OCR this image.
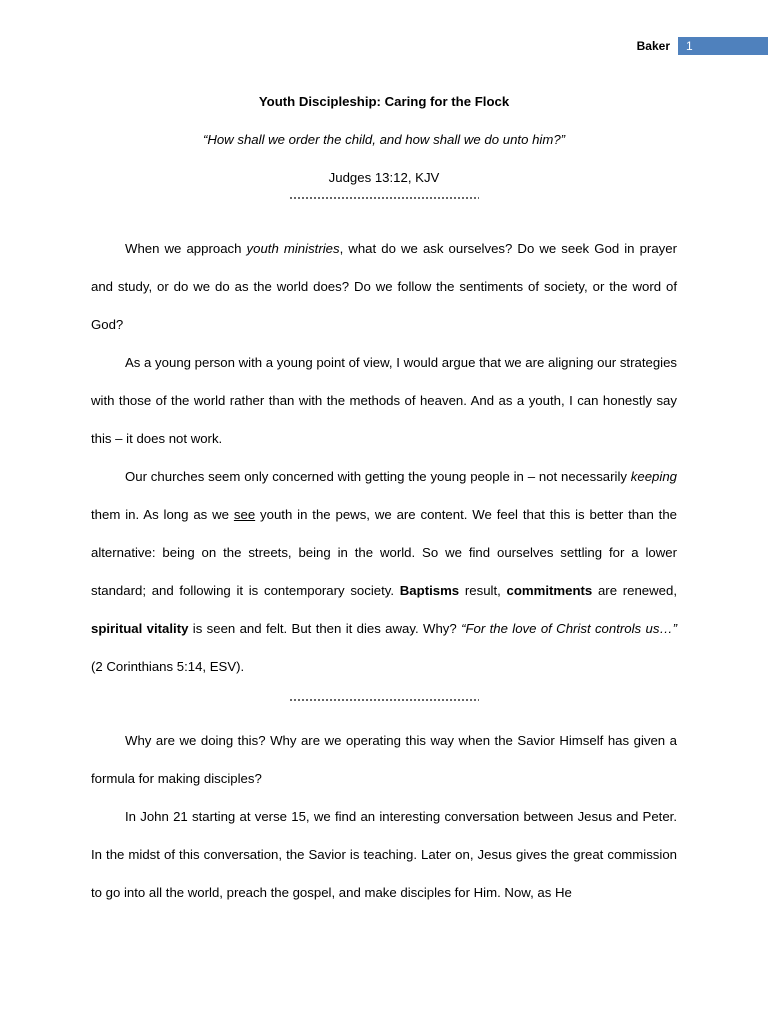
Baker	1
Youth Discipleship: Caring for the Flock
“How shall we order the child, and how shall we do unto him?”
Judges 13:12, KJV

When we approach youth ministries, what do we ask ourselves? Do we seek God in prayer and study, or do we do as the world does? Do we follow the sentiments of society, or the word of God?

As a young person with a young point of view, I would argue that we are aligning our strategies with those of the world rather than with the methods of heaven. And as a youth, I can honestly say this – it does not work.

Our churches seem only concerned with getting the young people in – not necessarily keeping them in. As long as we see youth in the pews, we are content. We feel that this is better than the alternative: being on the streets, being in the world. So we find ourselves settling for a lower standard; and following it is contemporary society. Baptisms result, commitments are renewed, spiritual vitality is seen and felt. But then it dies away. Why? “For the love of Christ controls us…” (2 Corinthians 5:14, ESV).

Why are we doing this? Why are we operating this way when the Savior Himself has given a formula for making disciples?

In John 21 starting at verse 15, we find an interesting conversation between Jesus and Peter. In the midst of this conversation, the Savior is teaching. Later on, Jesus gives the great commission to go into all the world, preach the gospel, and make disciples for Him. Now, as He
